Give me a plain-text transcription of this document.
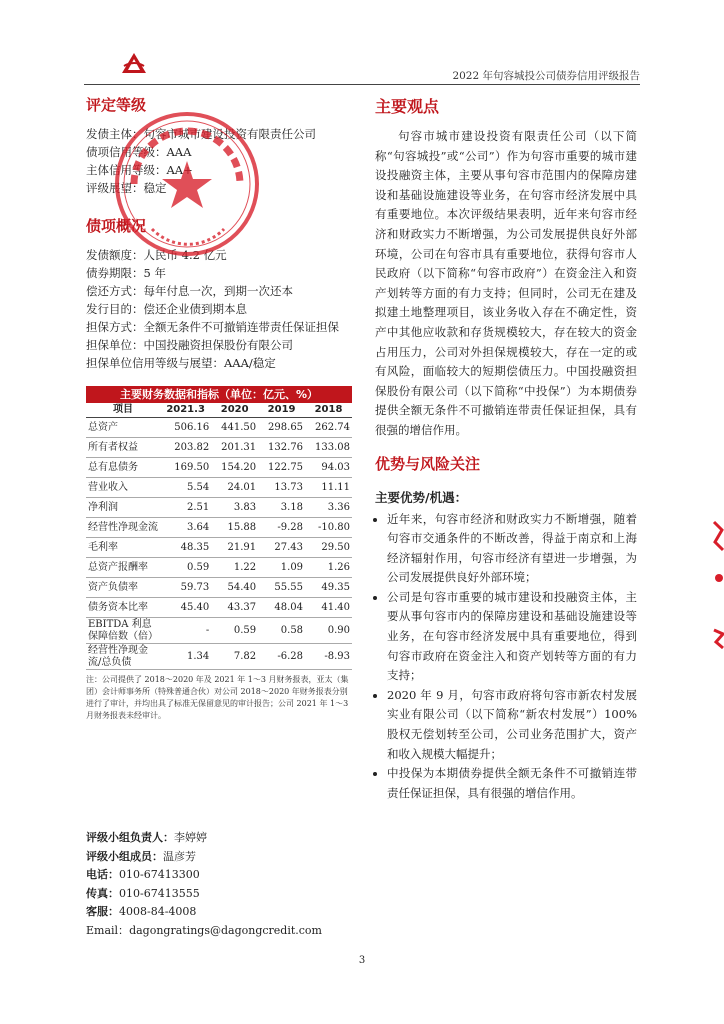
2022 年句容城投公司债券信用评级报告
评定等级
发债主体：句容市城市建设投资有限责任公司
债项信用等级：AAA
主体信用等级：AA+
评级展望：稳定
债项概况
发债额度：人民币 4.2 亿元
债券期限：5 年
偿还方式：每年付息一次，到期一次还本
发行目的：偿还企业债到期本息
担保方式：全额无条件不可撤销连带责任保证担保
担保单位：中国投融资担保股份有限公司
担保单位信用等级与展望：AAA/稳定
主要财务数据和指标（单位：亿元、%）
项目	2021.3	2020	2019	2018
总资产	506.16	441.50	298.65	262.74
所有者权益	203.82	201.31	132.76	133.08
总有息债务	169.50	154.20	122.75	94.03
营业收入	5.54	24.01	13.73	11.11
净利润	2.51	3.83	3.18	3.36
经营性净现金流	3.64	15.88	-9.28	-10.80
毛利率	48.35	21.91	27.43	29.50
总资产报酬率	0.59	1.22	1.09	1.26
资产负债率	59.73	54.40	55.55	49.35
债务资本比率	45.40	43.37	48.04	41.40
EBITDA 利息保障倍数（倍）	-	0.59	0.58	0.90
经营性净现金流/总负债	1.34	7.82	-6.28	-8.93
注：公司提供了 2018～2020 年及 2021 年 1～3 月财务报表，亚太（集团）会计师事务所（特殊普通合伙）对公司 2018～2020 年财务报表分别进行了审计，并均出具了标准无保留意见的审计报告；公司 2021 年 1～3 月财务报表未经审计。
评级小组负责人：李婷婷
评级小组成员：温彦芳
电话：010-67413300
传真：010-67413555
客服：4008-84-4008
Email：dagongratings@dagongcredit.com
主要观点

句容市城市建设投资有限责任公司（以下简称“句容城投”或“公司”）作为句容市重要的城市建设投融资主体，主要从事句容市范围内的保障房建设和基础设施建设等业务，在句容市经济发展中具有重要地位。本次评级结果表明，近年来句容市经济和财政实力不断增强，为公司发展提供良好外部环境，公司在句容市具有重要地位，获得句容市人民政府（以下简称“句容市政府”）在资金注入和资产划转等方面的有力支持；但同时，公司无在建及拟建土地整理项目，该业务收入存在不确定性，资产中其他应收款和存货规模较大，存在较大的资金占用压力，公司对外担保规模较大，存在一定的或有风险，面临较大的短期偿债压力。中国投融资担保股份有限公司（以下简称“中投保”）为本期债券提供全额无条件不可撤销连带责任保证担保，具有很强的增信作用。

优势与风险关注
主要优势/机遇：
• 近年来，句容市经济和财政实力不断增强，随着句容市交通条件的不断改善，得益于南京和上海经济辐射作用，句容市经济有望进一步增强，为公司发展提供良好外部环境；
• 公司是句容市重要的城市建设和投融资主体，主要从事句容市内的保障房建设和基础设施建设等业务，在句容市经济发展中具有重要地位，得到句容市政府在资金注入和资产划转等方面的有力支持；
• 2020 年 9 月，句容市政府将句容市新农村发展实业有限公司（以下简称“新农村发展”）100%股权无偿划转至公司，公司业务范围扩大，资产和收入规模大幅提升；
• 中投保为本期债券提供全额无条件不可撤销连带责任保证担保，具有很强的增信作用。
3
